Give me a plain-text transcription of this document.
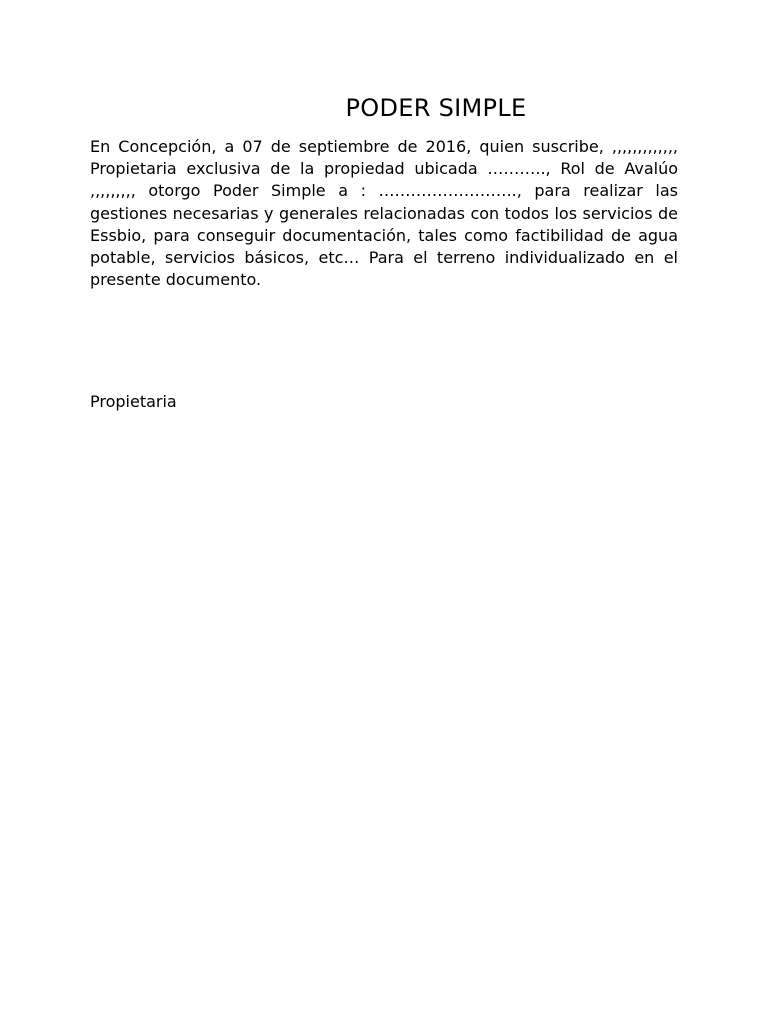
PODER SIMPLE

En Concepción, a 07 de septiembre de 2016, quien suscribe, ,,,,,,,,,,,,, Propietaria exclusiva de la propiedad ubicada ……….., Rol de Avalúo ,,,,,,,,, otorgo Poder Simple a : …………………….., para realizar las gestiones necesarias y generales relacionadas con todos los servicios de Essbio, para conseguir documentación, tales como factibilidad de agua potable, servicios básicos, etc… Para el terreno individualizado en el presente documento.

Propietaria
